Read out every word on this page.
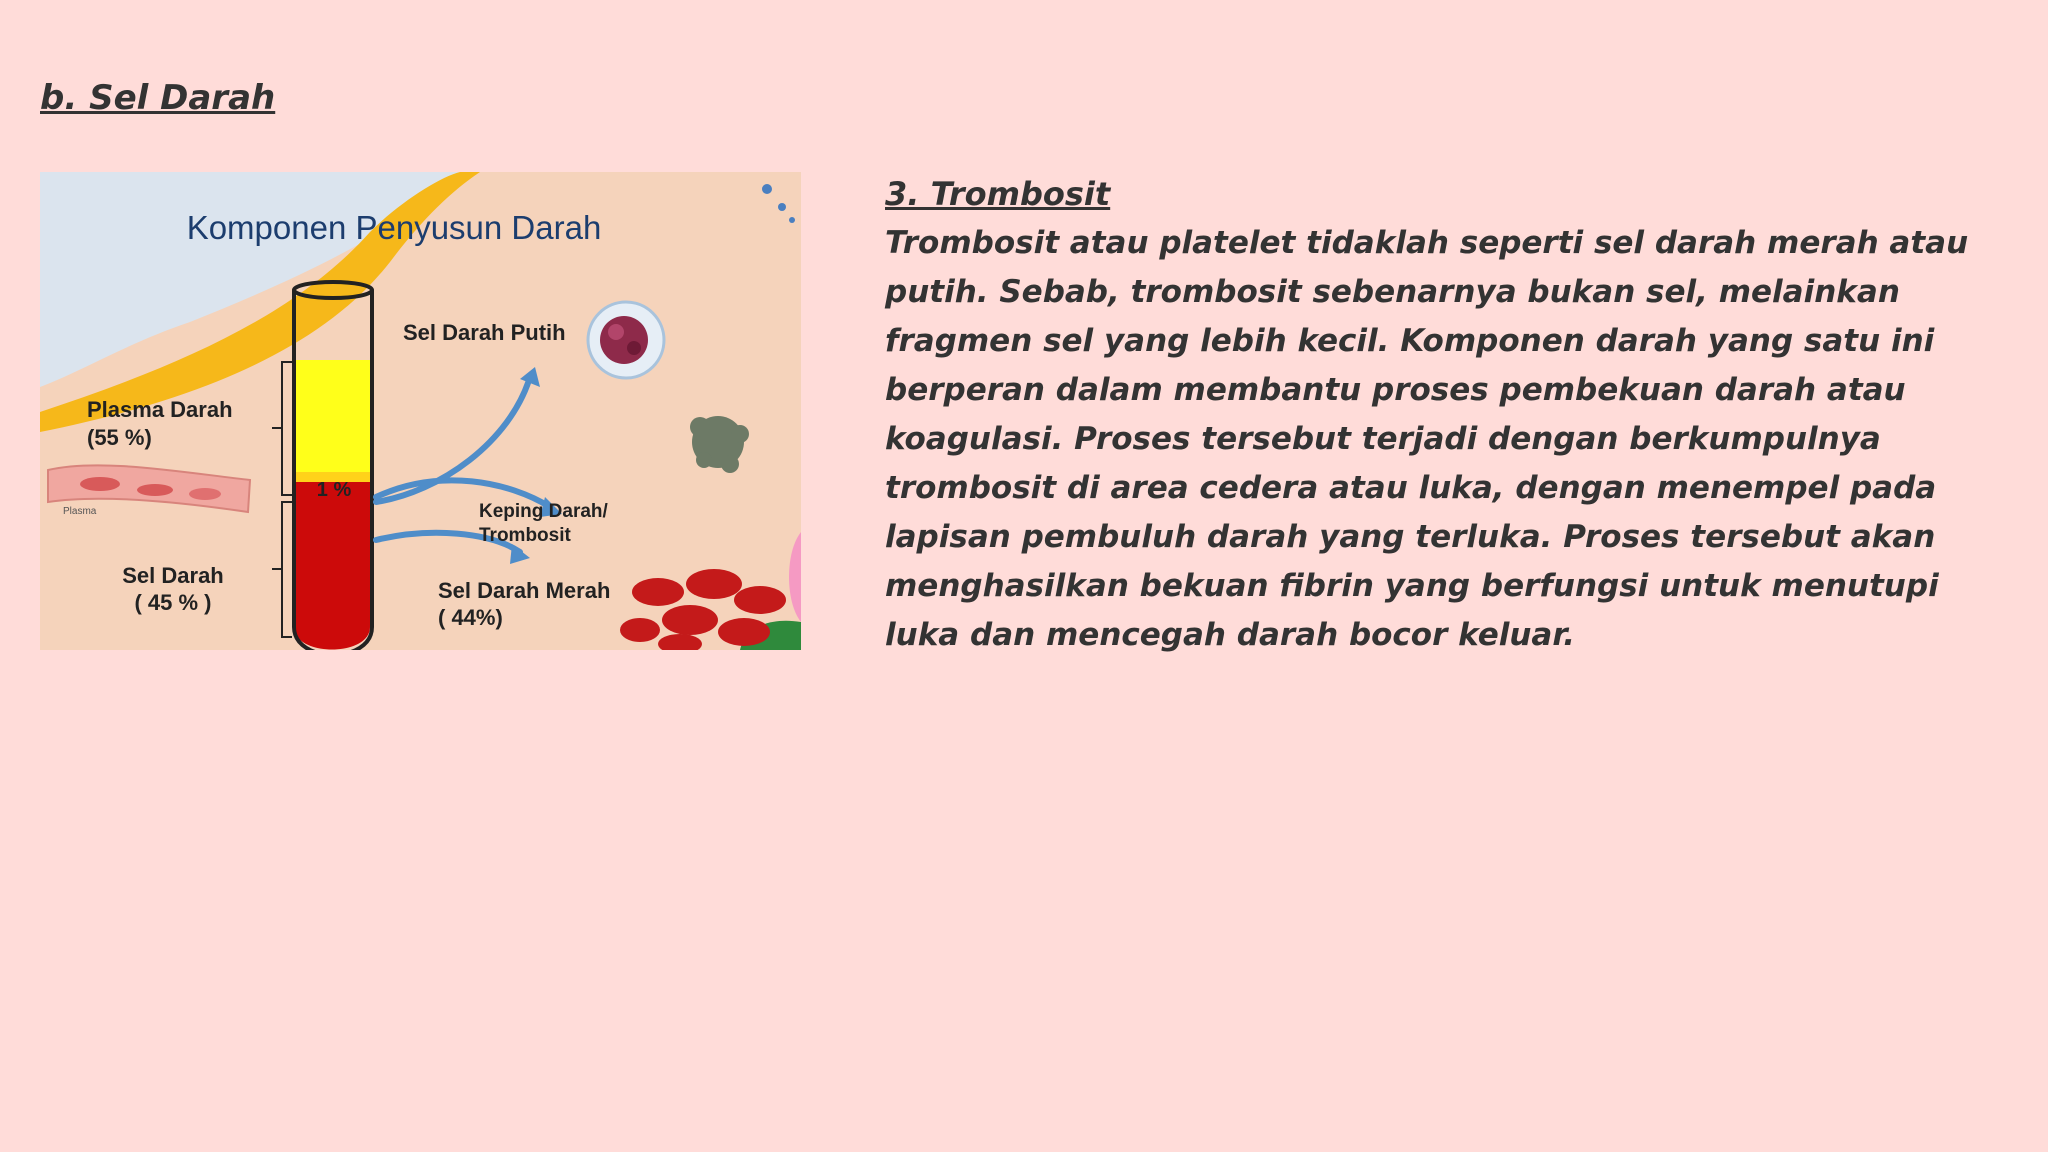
b. Sel Darah
Komponen Penyusun Darah
1 %
Plasma Darah
(55 %)
Plasma
Sel Darah
( 45 % )
Sel Darah Putih
Keping Darah/
Trombosit
Sel Darah Merah
( 44%)
3. Trombosit

Trombosit atau platelet tidaklah seperti sel darah merah atau putih. Sebab, trombosit sebenarnya bukan sel, melainkan fragmen sel yang lebih kecil. Komponen darah yang satu ini berperan dalam membantu proses pembekuan darah atau koagulasi. Proses tersebut terjadi dengan berkumpulnya trombosit di area cedera atau luka, dengan menempel pada lapisan pembuluh darah yang terluka. Proses tersebut akan menghasilkan bekuan fibrin yang berfungsi untuk menutupi luka dan mencegah darah bocor keluar.
